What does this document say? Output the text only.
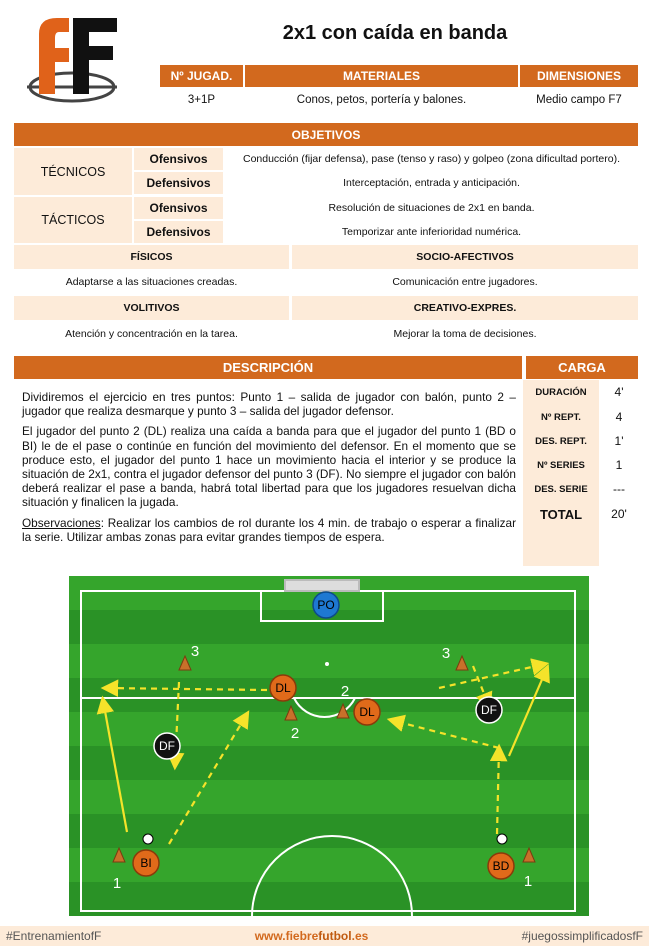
2x1 con caída en banda
Nº JUGAD.	MATERIALES	DIMENSIONES
3+1P	Conos, petos, portería y balones.	Medio campo F7
OBJETIVOS
TÉCNICOS
Ofensivos	Conducción (fijar defensa), pase (tenso y raso) y golpeo (zona dificultad portero).
Defensivos	Interceptación, entrada y anticipación.
TÁCTICOS
Ofensivos	Resolución de situaciones de 2x1 en banda.
Defensivos	Temporizar ante inferioridad numérica.
FÍSICOS	SOCIO-AFECTIVOS
Adaptarse a las situaciones creadas.	Comunicación entre jugadores.
VOLITIVOS	CREATIVO-EXPRES.
Atención y concentración en la tarea.	Mejorar la toma de decisiones.
DESCRIPCIÓN	CARGA

Dividiremos el ejercicio en tres puntos: Punto 1 – salida de jugador con balón, punto 2 – jugador que realiza desmarque y punto 3 – salida del jugador defensor.

El jugador del punto 2 (DL) realiza una caída a banda para que el jugador del punto 1 (BD o BI) le de el pase o continúe en función del movimiento del defensor. En el momento que se produce esto, el jugador del punto 1 hace un movimiento hacia el interior y se produce la situación de 2x1, contra el jugador defensor del punto 3 (DF). No siempre el jugador con balón deberá realizar el pase a banda, habrá total libertad para que los jugadores resuelvan dicha situación y finalicen la jugada.

Observaciones: Realizar los cambios de rol durante los 4 min. de trabajo o esperar a finalizar la serie. Utilizar ambas zonas para evitar grandes tiempos de espera.

DURACIÓN	4'
Nº REPT.	4
DES. REPT.	1'
Nº SERIES	1
DES. SERIE	---
TOTAL	20'
PO
DL
DL
DF
DF
BI	BD
3	3
2
2
1	1
#EntrenamientofF	www.fiebrefutbol.es	#juegossimplificadosfF
